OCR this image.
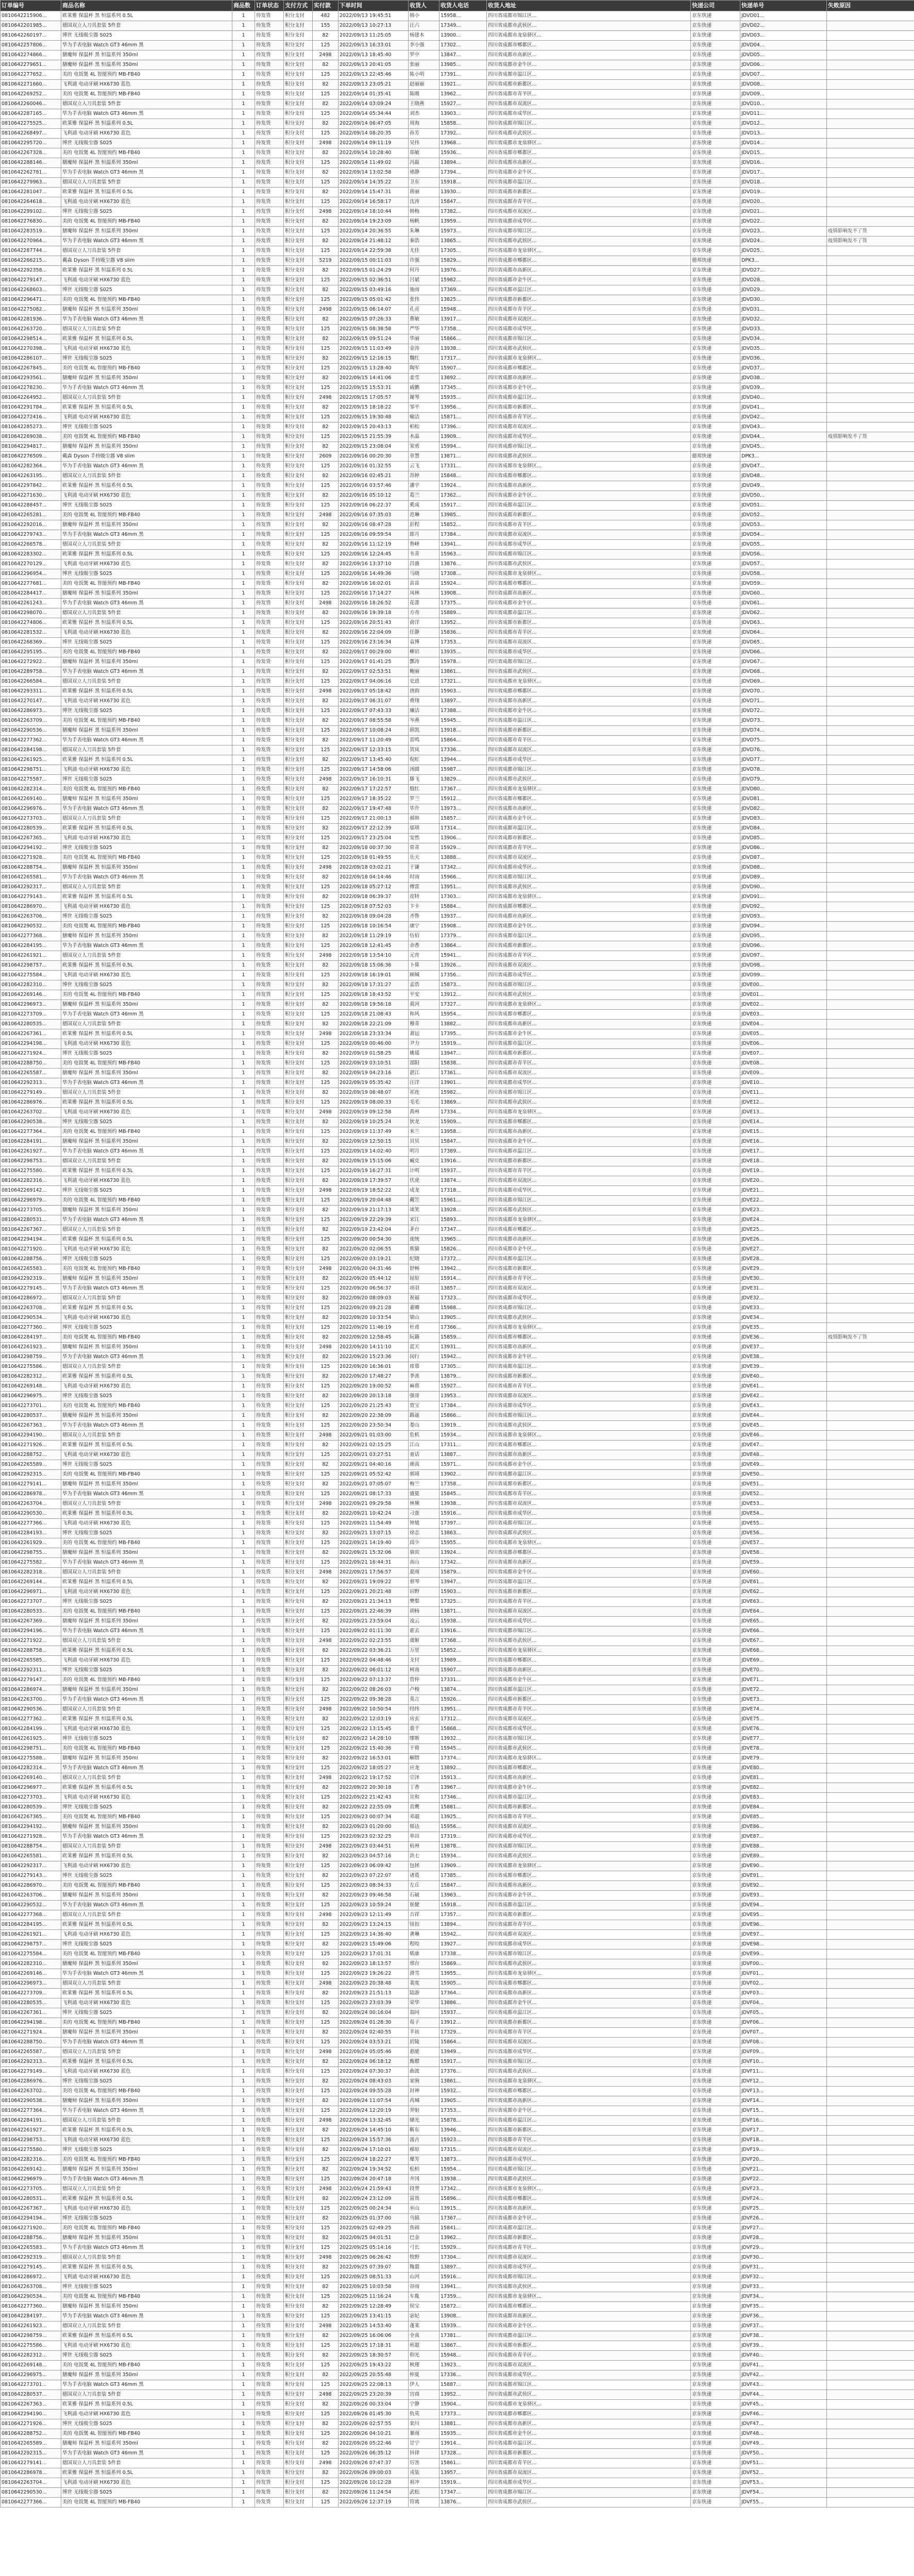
订单编号	商品名称	商品数	订单状态	支付方式	实付款	下单时间	收货人	收货人电话	收货人地址	快递公司	快递单号	失败原因
0810642215906...	欧莱雅 保温杯 黑 恒温系列 0.5L	1	待发货	积分支付	482	2022/09/13 19:45:51	韩小	15958...	四川省成都市锦江区...	京东快递	JDVD01...	
0810642201985...	德国双立人刀具套装 5件套	1	待发货	积分支付	155	2022/09/13 10:27:13	汪六	17349...	四川省成都市武侯区...	京东快递	JDVD02...	
0810642260197...	博世 无线吸尘器 S025	1	待发货	积分支付	82	2022/09/13 11:25:05	杨建木	13900...	四川省成都市龙泉驿区...	京东快递	JDVD03...	
0810642257806...	华为手表电脑 Watch GT3 46mm 黑	1	待发货	积分支付	125	2022/09/13 16:33:01	李小强	17302...	四川省成都市郫都区...	京东快递	JDVD04...	
0810642274866...	膳魔师 保温杯 黑 恒温系列 350ml	1	待发货	积分支付	2498	2022/09/13 18:45:40	罗中	13847...	四川省成都市高新区...	京东快递	JDVD05...	
0810642279651...	膳魔师 保温杯 黑 恒温系列 350ml	1	待发货	积分支付	82	2022/09/13 20:41:05	张丽	13985...	四川省成都市金牛区...	京东快递	JDVD06...	
0810642277652...	美的 电饭煲 4L 智能预约 MB-FB40	1	待发货	积分支付	125	2022/09/13 22:45:46	陈小明	17391...	四川省成都市温江区...	京东快递	JDVD07...	
0810642271660...	飞利浦 电动牙刷 HX6730 蓝色	1	待发货	积分支付	82	2022/09/13 23:05:21	赵丽丽	13921...	四川省成都市新都区...	京东快递	JDVD08...	
0810642269252...	美的 电饭煲 4L 智能预约 MB-FB40	1	待发货	积分支付	125	2022/09/14 01:35:41	陈刚	13962...	四川省成都市青羊区...	京东快递	JDVD09...	
0810642260046...	德国双立人刀具套装 5件套	1	待发货	积分支付	82	2022/09/14 03:09:24	王晓燕	15927...	四川省成都市双流区...	京东快递	JDVD10...	
0810642287165...	华为手表电脑 Watch GT3 46mm 黑	1	待发货	积分支付	125	2022/09/14 05:34:44	刘杰	13903...	四川省成都市成华区...	京东快递	JDVD11...	
0810642275525...	欧莱雅 保温杯 黑 恒温系列 0.5L	1	待发货	积分支付	82	2022/09/14 06:47:05	周海	15858...	四川省成都市锦江区...	京东快递	JDVD12...	
0810642268497...	飞利浦 电动牙刷 HX6730 蓝色	1	待发货	积分支付	125	2022/09/14 08:20:35	孙芳	17392...	四川省成都市武侯区...	京东快递	JDVD13...	
0810642295720...	博世 无线吸尘器 S025	1	待发货	积分支付	2498	2022/09/14 09:11:19	吴伟	13968...	四川省成都市龙泉驿区...	京东快递	JDVD14...	
0810642267328...	美的 电饭煲 4L 智能预约 MB-FB40	1	待发货	积分支付	82	2022/09/14 10:28:40	郑敏	15936...	四川省成都市郫都区...	京东快递	JDVD15...	
0810642288146...	膳魔师 保温杯 黑 恒温系列 350ml	1	待发货	积分支付	125	2022/09/14 11:49:02	冯磊	13894...	四川省成都市高新区...	京东快递	JDVD16...	
0810642262781...	华为手表电脑 Watch GT3 46mm 黑	1	待发货	积分支付	82	2022/09/14 13:02:58	褚静	17394...	四川省成都市金牛区...	京东快递	JDVD17...	
0810642279963...	德国双立人刀具套装 5件套	1	待发货	积分支付	125	2022/09/14 14:35:22	卫东	15918...	四川省成都市温江区...	京东快递	JDVD18...	
0810642281047...	欧莱雅 保温杯 黑 恒温系列 0.5L	1	待发货	积分支付	82	2022/09/14 15:47:31	蒋丽	13930...	四川省成都市新都区...	京东快递	JDVD19...	
0810642264618...	飞利浦 电动牙刷 HX6730 蓝色	1	待发货	积分支付	125	2022/09/14 16:58:17	沈涛	15847...	四川省成都市青羊区...	京东快递	JDVD20...	
0810642299102...	博世 无线吸尘器 S025	1	待发货	积分支付	2498	2022/09/14 18:10:44	韩梅	17382...	四川省成都市双流区...	京东快递	JDVD21...	
0810642276830...	美的 电饭煲 4L 智能预约 MB-FB40	1	待发货	积分支付	82	2022/09/14 19:23:09	杨帆	13959...	四川省成都市成华区...	京东快递	JDVD22...	
0810642283519...	膳魔师 保温杯 黑 恒温系列 350ml	1	待发货	积分支付	125	2022/09/14 20:36:55	朱琳	15973...	四川省成都市锦江区...	京东快递	JDVD23...	疫情影响发不了货
0810642270964...	华为手表电脑 Watch GT3 46mm 黑	1	待发货	积分支付	82	2022/09/14 21:48:12	秦浩	13865...	四川省成都市武侯区...	京东快递	JDVD24...	疫情影响发不了货
0810642287744...	德国双立人刀具套装 5件套	1	待发货	积分支付	125	2022/09/14 22:59:38	尤佳	17305...	四川省成都市龙泉驿区...	京东快递	JDVD25...	
0810642266215...	戴森 Dyson 手持吸尘器 V8 slim	1	待发货	积分支付	5219	2022/09/15 00:11:03	许强	15829...	四川省成都市郫都区...	德邦快递	DPK3...	
0810642292358...	欧莱雅 保温杯 黑 恒温系列 0.5L	1	待发货	积分支付	82	2022/09/15 01:24:29	何丹	13976...	四川省成都市高新区...	京东快递	JDVD27...	
0810642279147...	飞利浦 电动牙刷 HX6730 蓝色	1	待发货	积分支付	125	2022/09/15 02:36:51	吕斌	15982...	四川省成都市金牛区...	京东快递	JDVD28...	
0810642268603...	博世 无线吸尘器 S025	1	待发货	积分支付	82	2022/09/15 03:49:16	施雨	17369...	四川省成都市温江区...	京东快递	JDVD29...	
0810642296471...	美的 电饭煲 4L 智能预约 MB-FB40	1	待发货	积分支付	125	2022/09/15 05:01:42	张伟	13825...	四川省成都市新都区...	京东快递	JDVD30...	
0810642275082...	膳魔师 保温杯 黑 恒温系列 350ml	1	待发货	积分支付	2498	2022/09/15 06:14:07	孔亮	15948...	四川省成都市青羊区...	京东快递	JDVD31...	
0810642281936...	华为手表电脑 Watch GT3 46mm 黑	1	待发货	积分支付	82	2022/09/15 07:26:33	曹敏	13917...	四川省成都市双流区...	京东快递	JDVD32...	
0810642263720...	德国双立人刀具套装 5件套	1	待发货	积分支付	125	2022/09/15 08:38:58	严华	17358...	四川省成都市成华区...	京东快递	JDVD33...	
0810642298514...	欧莱雅 保温杯 黑 恒温系列 0.5L	1	待发货	积分支付	82	2022/09/15 09:51:24	华丽	15866...	四川省成都市锦江区...	京东快递	JDVD34...	
0810642270398...	飞利浦 电动牙刷 HX6730 蓝色	1	待发货	积分支付	125	2022/09/15 11:03:49	金涛	13938...	四川省成都市武侯区...	京东快递	JDVD35...	
0810642286107...	博世 无线吸尘器 S025	1	待发货	积分支付	82	2022/09/15 12:16:15	魏红	17317...	四川省成都市龙泉驿区...	京东快递	JDVD36...	
0810642267845...	美的 电饭煲 4L 智能预约 MB-FB40	1	待发货	积分支付	125	2022/09/15 13:28:40	陶军	15907...	四川省成都市郫都区...	京东快递	JDVD37...	
0810642293561...	膳魔师 保温杯 黑 恒温系列 350ml	1	待发货	积分支付	82	2022/09/15 14:41:06	姜雪	13892...	四川省成都市高新区...	京东快递	JDVD38...	
0810642278230...	华为手表电脑 Watch GT3 46mm 黑	1	待发货	积分支付	125	2022/09/15 15:53:31	戚鹏	17345...	四川省成都市金牛区...	京东快递	JDVD39...	
0810642264952...	德国双立人刀具套装 5件套	1	待发货	积分支付	2498	2022/09/15 17:05:57	谢琴	15935...	四川省成都市温江区...	京东快递	JDVD40...	
0810642291784...	欧莱雅 保温杯 黑 恒温系列 0.5L	1	待发货	积分支付	82	2022/09/15 18:18:22	邹平	13956...	四川省成都市新都区...	京东快递	JDVD41...	
0810642272416...	飞利浦 电动牙刷 HX6730 蓝色	1	待发货	积分支付	125	2022/09/15 19:30:48	喻洁	15871...	四川省成都市青羊区...	京东快递	JDVD42...	
0810642285273...	博世 无线吸尘器 S025	1	待发货	积分支付	82	2022/09/15 20:43:13	柏松	17396...	四川省成都市双流区...	京东快递	JDVD43...	
0810642269038...	美的 电饭煲 4L 智能预约 MB-FB40	1	待发货	积分支付	125	2022/09/15 21:55:39	水晶	13909...	四川省成都市成华区...	京东快递	JDVD44...	疫情影响发不了货
0810642294817...	膳魔师 保温杯 黑 恒温系列 350ml	1	待发货	积分支付	82	2022/09/15 23:08:04	窦勇	15994...	四川省成都市锦江区...	京东快递	JDVD45...	
0810642276509...	戴森 Dyson 手持吸尘器 V8 slim	1	待发货	积分支付	2609	2022/09/16 00:20:30	章慧	13871...	四川省成都市武侯区...	德邦快递	DPK3...	
0810642282364...	华为手表电脑 Watch GT3 46mm 黑	1	待发货	积分支付	125	2022/09/16 01:32:55	云飞	17331...	四川省成都市龙泉驿区...	京东快递	JDVD47...	
0810642263195...	德国双立人刀具套装 5件套	1	待发货	积分支付	82	2022/09/16 02:45:21	苏婷	15848...	四川省成都市郫都区...	京东快递	JDVD48...	
0810642297842...	欧莱雅 保温杯 黑 恒温系列 0.5L	1	待发货	积分支付	125	2022/09/16 03:57:46	潘宇	13924...	四川省成都市高新区...	京东快递	JDVD49...	
0810642271630...	飞利浦 电动牙刷 HX6730 蓝色	1	待发货	积分支付	82	2022/09/16 05:10:12	葛兰	17362...	四川省成都市金牛区...	京东快递	JDVD50...	
0810642288457...	博世 无线吸尘器 S025	1	待发货	积分支付	125	2022/09/16 06:22:37	奚成	15917...	四川省成都市温江区...	京东快递	JDVD51...	
0810642265281...	美的 电饭煲 4L 智能预约 MB-FB40	1	待发货	积分支付	2498	2022/09/16 07:35:03	范琳	13985...	四川省成都市新都区...	京东快递	JDVD52...	
0810642292016...	膳魔师 保温杯 黑 恒温系列 350ml	1	待发货	积分支付	82	2022/09/16 08:47:28	彭程	15852...	四川省成都市青羊区...	京东快递	JDVD53...	
0810642279743...	华为手表电脑 Watch GT3 46mm 黑	1	待发货	积分支付	125	2022/09/16 09:59:54	郎月	17384...	四川省成都市双流区...	京东快递	JDVD54...	
0810642266578...	德国双立人刀具套装 5件套	1	待发货	积分支付	82	2022/09/16 11:12:19	鲁峰	13941...	四川省成都市成华区...	京东快递	JDVD55...	
0810642283302...	欧莱雅 保温杯 黑 恒温系列 0.5L	1	待发货	积分支付	125	2022/09/16 12:24:45	韦青	15963...	四川省成都市锦江区...	京东快递	JDVD56...	
0810642270129...	飞利浦 电动牙刷 HX6730 蓝色	1	待发货	积分支付	82	2022/09/16 13:37:10	昌盛	13876...	四川省成都市武侯区...	京东快递	JDVD57...	
0810642296954...	博世 无线吸尘器 S025	1	待发货	积分支付	125	2022/09/16 14:49:36	马晓	17308...	四川省成都市龙泉驿区...	京东快递	JDVD58...	
0810642277681...	美的 电饭煲 4L 智能预约 MB-FB40	1	待发货	积分支付	82	2022/09/16 16:02:01	苗苗	15924...	四川省成都市郫都区...	京东快递	JDVD59...	
0810642284417...	膳魔师 保温杯 黑 恒温系列 350ml	1	待发货	积分支付	125	2022/09/16 17:14:27	凤林	13908...	四川省成都市高新区...	京东快递	JDVD60...	
0810642261243...	华为手表电脑 Watch GT3 46mm 黑	1	待发货	积分支付	2498	2022/09/16 18:26:52	花蕾	17375...	四川省成都市金牛区...	京东快递	JDVD61...	
0810642298070...	德国双立人刀具套装 5件套	1	待发货	积分支付	82	2022/09/16 19:39:18	方舟	15889...	四川省成都市温江区...	京东快递	JDVD62...	
0810642274806...	欧莱雅 保温杯 黑 恒温系列 0.5L	1	待发货	积分支付	125	2022/09/16 20:51:43	俞洋	13952...	四川省成都市新都区...	京东快递	JDVD63...	
0810642281532...	飞利浦 电动牙刷 HX6730 蓝色	1	待发货	积分支付	82	2022/09/16 22:04:09	任静	15836...	四川省成都市青羊区...	京东快递	JDVD64...	
0810642268369...	博世 无线吸尘器 S025	1	待发货	积分支付	125	2022/09/16 23:16:34	袁博	17353...	四川省成都市双流区...	京东快递	JDVD65...	
0810642295195...	美的 电饭煲 4L 智能预约 MB-FB40	1	待发货	积分支付	82	2022/09/17 00:29:00	柳岩	13935...	四川省成都市成华区...	京东快递	JDVD66...	
0810642272922...	膳魔师 保温杯 黑 恒温系列 350ml	1	待发货	积分支付	125	2022/09/17 01:41:25	酆涛	15978...	四川省成都市锦江区...	京东快递	JDVD67...	
0810642289758...	华为手表电脑 Watch GT3 46mm 黑	1	待发货	积分支付	82	2022/09/17 02:53:51	鲍丽	13861...	四川省成都市武侯区...	京东快递	JDVD68...	
0810642266584...	德国双立人刀具套装 5件套	1	待发货	积分支付	125	2022/09/17 04:06:16	史进	17321...	四川省成都市龙泉驿区...	京东快递	JDVD69...	
0810642293311...	欧莱雅 保温杯 黑 恒温系列 0.5L	1	待发货	积分支付	2498	2022/09/17 05:18:42	唐韵	15903...	四川省成都市郫都区...	京东快递	JDVD70...	
0810642270147...	飞利浦 电动牙刷 HX6730 蓝色	1	待发货	积分支付	82	2022/09/17 06:31:07	费翔	13897...	四川省成都市高新区...	京东快递	JDVD71...	
0810642286973...	博世 无线吸尘器 S025	1	待发货	积分支付	125	2022/09/17 07:43:33	廉洁	17388...	四川省成都市金牛区...	京东快递	JDVD72...	
0810642263709...	美的 电饭煲 4L 智能预约 MB-FB40	1	待发货	积分支付	82	2022/09/17 08:55:58	岑燕	15945...	四川省成都市温江区...	京东快递	JDVD73...	
0810642290536...	膳魔师 保温杯 黑 恒温系列 350ml	1	待发货	积分支付	125	2022/09/17 10:08:24	薛凯	13918...	四川省成都市新都区...	京东快递	JDVD74...	
0810642277362...	华为手表电脑 Watch GT3 46mm 黑	1	待发货	积分支付	82	2022/09/17 11:20:49	雷鸣	15864...	四川省成都市青羊区...	京东快递	JDVD75...	
0810642284198...	德国双立人刀具套装 5件套	1	待发货	积分支付	125	2022/09/17 12:33:15	贺岚	17336...	四川省成都市双流区...	京东快递	JDVD76...	
0810642261925...	欧莱雅 保温杯 黑 恒温系列 0.5L	1	待发货	积分支付	82	2022/09/17 13:45:40	倪虹	13944...	四川省成都市成华区...	京东快递	JDVD77...	
0810642298751...	飞利浦 电动牙刷 HX6730 蓝色	1	待发货	积分支付	125	2022/09/17 14:58:06	汤圆	15987...	四川省成都市锦江区...	京东快递	JDVD78...	
0810642275587...	博世 无线吸尘器 S025	1	待发货	积分支付	2498	2022/09/17 16:10:31	滕飞	13829...	四川省成都市武侯区...	京东快递	JDVD79...	
0810642282314...	美的 电饭煲 4L 智能预约 MB-FB40	1	待发货	积分支付	82	2022/09/17 17:22:57	殷红	17367...	四川省成都市龙泉驿区...	京东快递	JDVD80...	
0810642269140...	膳魔师 保温杯 黑 恒温系列 350ml	1	待发货	积分支付	125	2022/09/17 18:35:22	罗兰	15912...	四川省成都市郫都区...	京东快递	JDVD81...	
0810642296976...	华为手表电脑 Watch GT3 46mm 黑	1	待发货	积分支付	82	2022/09/17 19:47:48	毕升	13973...	四川省成都市高新区...	京东快递	JDVD82...	
0810642273703...	德国双立人刀具套装 5件套	1	待发货	积分支付	125	2022/09/17 21:00:13	郝帅	15857...	四川省成都市金牛区...	京东快递	JDVD83...	
0810642280539...	欧莱雅 保温杯 黑 恒温系列 0.5L	1	待发货	积分支付	82	2022/09/17 22:12:39	邬琪	17314...	四川省成都市温江区...	京东快递	JDVD84...	
0810642267365...	飞利浦 电动牙刷 HX6730 蓝色	1	待发货	积分支付	125	2022/09/17 23:25:04	安然	13906...	四川省成都市新都区...	京东快递	JDVD85...	
0810642294192...	博世 无线吸尘器 S025	1	待发货	积分支付	82	2022/09/18 00:37:30	常青	15929...	四川省成都市青羊区...	京东快递	JDVD86...	
0810642271928...	美的 电饭煲 4L 智能预约 MB-FB40	1	待发货	积分支付	125	2022/09/18 01:49:55	乐天	13888...	四川省成都市双流区...	京东快递	JDVD87...	
0810642288754...	膳魔师 保温杯 黑 恒温系列 350ml	1	待发货	积分支付	2498	2022/09/18 03:02:21	于谦	17342...	四川省成都市成华区...	京东快递	JDVD88...	
0810642265581...	华为手表电脑 Watch GT3 46mm 黑	1	待发货	积分支付	82	2022/09/18 04:14:46	时雨	15966...	四川省成都市锦江区...	京东快递	JDVD89...	
0810642292317...	德国双立人刀具套装 5件套	1	待发货	积分支付	125	2022/09/18 05:27:12	傅雷	13951...	四川省成都市武侯区...	京东快递	JDVD90...	
0810642279143...	欧莱雅 保温杯 黑 恒温系列 0.5L	1	待发货	积分支付	82	2022/09/18 06:39:37	皮特	17303...	四川省成都市龙泉驿区...	京东快递	JDVD91...	
0810642286970...	飞利浦 电动牙刷 HX6730 蓝色	1	待发货	积分支付	125	2022/09/18 07:52:03	卞卡	15884...	四川省成都市郫都区...	京东快递	JDVD92...	
0810642263706...	博世 无线吸尘器 S025	1	待发货	积分支付	82	2022/09/18 09:04:28	齐鲁	13937...	四川省成都市高新区...	京东快递	JDVD93...	
0810642290532...	美的 电饭煲 4L 智能预约 MB-FB40	1	待发货	积分支付	125	2022/09/18 10:16:54	康宁	15908...	四川省成都市金牛区...	京东快递	JDVD94...	
0810642277368...	膳魔师 保温杯 黑 恒温系列 350ml	1	待发货	积分支付	82	2022/09/18 11:29:19	伍佰	17379...	四川省成都市温江区...	京东快递	JDVD95...	
0810642284195...	华为手表电脑 Watch GT3 46mm 黑	1	待发货	积分支付	125	2022/09/18 12:41:45	余香	13864...	四川省成都市新都区...	京东快递	JDVD96...	
0810642261921...	德国双立人刀具套装 5件套	1	待发货	积分支付	2498	2022/09/18 13:54:10	元宵	15941...	四川省成都市青羊区...	京东快递	JDVD97...	
0810642298757...	欧莱雅 保温杯 黑 恒温系列 0.5L	1	待发货	积分支付	82	2022/09/18 15:06:36	卜算	13926...	四川省成都市双流区...	京东快递	JDVD98...	
0810642275584...	飞利浦 电动牙刷 HX6730 蓝色	1	待发货	积分支付	125	2022/09/18 16:19:01	顾城	17356...	四川省成都市成华区...	京东快递	JDVD99...	
0810642282310...	博世 无线吸尘器 S025	1	待发货	积分支付	82	2022/09/18 17:31:27	孟浩	15873...	四川省成都市锦江区...	京东快递	JDVE00...	
0810642269146...	美的 电饭煲 4L 智能预约 MB-FB40	1	待发货	积分支付	125	2022/09/18 18:43:52	平安	13912...	四川省成都市武侯区...	京东快递	JDVE01...	
0810642296973...	膳魔师 保温杯 黑 恒温系列 350ml	1	待发货	积分支付	82	2022/09/18 19:56:18	黄河	17327...	四川省成都市龙泉驿区...	京东快递	JDVE02...	
0810642273709...	华为手表电脑 Watch GT3 46mm 黑	1	待发货	积分支付	125	2022/09/18 21:08:43	和风	15954...	四川省成都市郫都区...	京东快递	JDVE03...	
0810642280535...	德国双立人刀具套装 5件套	1	待发货	积分支付	82	2022/09/18 22:21:09	穆青	13882...	四川省成都市高新区...	京东快递	JDVE04...	
0810642267361...	欧莱雅 保温杯 黑 恒温系列 0.5L	1	待发货	积分支付	2498	2022/09/18 23:33:34	萧远	17395...	四川省成都市金牛区...	京东快递	JDVE05...	
0810642294198...	飞利浦 电动牙刷 HX6730 蓝色	1	待发货	积分支付	125	2022/09/19 00:46:00	尹力	15919...	四川省成都市温江区...	京东快递	JDVE06...	
0810642271924...	博世 无线吸尘器 S025	1	待发货	积分支付	82	2022/09/19 01:58:25	姚瑶	13947...	四川省成都市新都区...	京东快递	JDVE07...	
0810642288750...	美的 电饭煲 4L 智能预约 MB-FB40	1	待发货	积分支付	125	2022/09/19 03:10:51	邵阳	15838...	四川省成都市青羊区...	京东快递	JDVE08...	
0810642265587...	膳魔师 保温杯 黑 恒温系列 350ml	1	待发货	积分支付	82	2022/09/19 04:23:16	湛江	17361...	四川省成都市双流区...	京东快递	JDVE09...	
0810642292313...	华为手表电脑 Watch GT3 46mm 黑	1	待发货	积分支付	125	2022/09/19 05:35:42	汪洋	13901...	四川省成都市成华区...	京东快递	JDVE10...	
0810642279149...	德国双立人刀具套装 5件套	1	待发货	积分支付	82	2022/09/19 06:48:07	祁连	15982...	四川省成都市锦江区...	京东快递	JDVE11...	
0810642286976...	欧莱雅 保温杯 黑 恒温系列 0.5L	1	待发货	积分支付	125	2022/09/19 08:00:33	毛毛	13869...	四川省成都市武侯区...	京东快递	JDVE12...	
0810642263702...	飞利浦 电动牙刷 HX6730 蓝色	1	待发货	积分支付	2498	2022/09/19 09:12:58	禹州	17334...	四川省成都市龙泉驿区...	京东快递	JDVE13...	
0810642290538...	博世 无线吸尘器 S025	1	待发货	积分支付	82	2022/09/19 10:25:24	狄龙	15909...	四川省成都市郫都区...	京东快递	JDVE14...	
0810642277364...	美的 电饭煲 4L 智能预约 MB-FB40	1	待发货	积分支付	125	2022/09/19 11:37:49	米兰	13958...	四川省成都市高新区...	京东快递	JDVE15...	
0810642284191...	膳魔师 保温杯 黑 恒温系列 350ml	1	待发货	积分支付	82	2022/09/19 12:50:15	贝贝	15847...	四川省成都市金牛区...	京东快递	JDVE16...	
0810642261927...	华为手表电脑 Watch GT3 46mm 黑	1	待发货	积分支付	125	2022/09/19 14:02:40	明月	17389...	四川省成都市温江区...	京东快递	JDVE17...	
0810642298753...	德国双立人刀具套装 5件套	1	待发货	积分支付	82	2022/09/19 15:15:06	臧克	13916...	四川省成都市新都区...	京东快递	JDVE18...	
0810642275580...	欧莱雅 保温杯 黑 恒温系列 0.5L	1	待发货	积分支付	125	2022/09/19 16:27:31	计明	15937...	四川省成都市青羊区...	京东快递	JDVE19...	
0810642282316...	飞利浦 电动牙刷 HX6730 蓝色	1	待发货	积分支付	82	2022/09/19 17:39:57	伏虎	13874...	四川省成都市双流区...	京东快递	JDVE20...	
0810642269142...	博世 无线吸尘器 S025	1	待发货	积分支付	2498	2022/09/19 18:52:22	成龙	17318...	四川省成都市成华区...	京东快递	JDVE21...	
0810642296979...	美的 电饭煲 4L 智能预约 MB-FB40	1	待发货	积分支付	125	2022/09/19 20:04:48	戴笠	15961...	四川省成都市锦江区...	京东快递	JDVE22...	
0810642273705...	膳魔师 保温杯 黑 恒温系列 350ml	1	待发货	积分支付	82	2022/09/19 21:17:13	谈笑	13928...	四川省成都市武侯区...	京东快递	JDVE23...	
0810642280531...	华为手表电脑 Watch GT3 46mm 黑	1	待发货	积分支付	125	2022/09/19 22:29:39	宋江	15893...	四川省成都市龙泉驿区...	京东快递	JDVE24...	
0810642267367...	德国双立人刀具套装 5件套	1	待发货	积分支付	82	2022/09/19 23:42:04	茅台	17347...	四川省成都市郫都区...	京东快递	JDVE25...	
0810642294194...	欧莱雅 保温杯 黑 恒温系列 0.5L	1	待发货	积分支付	125	2022/09/20 00:54:30	庞统	13965...	四川省成都市高新区...	京东快递	JDVE26...	
0810642271920...	飞利浦 电动牙刷 HX6730 蓝色	1	待发货	积分支付	82	2022/09/20 02:06:55	熊猫	15826...	四川省成都市金牛区...	京东快递	JDVE27...	
0810642288756...	博世 无线吸尘器 S025	1	待发货	积分支付	125	2022/09/20 03:19:21	纪晓	17372...	四川省成都市温江区...	京东快递	JDVE28...	
0810642265583...	美的 电饭煲 4L 智能预约 MB-FB40	1	待发货	积分支付	2498	2022/09/20 04:31:46	舒畅	13942...	四川省成都市新都区...	京东快递	JDVE29...	
0810642292319...	膳魔师 保温杯 黑 恒温系列 350ml	1	待发货	积分支付	82	2022/09/20 05:44:12	屈原	15914...	四川省成都市青羊区...	京东快递	JDVE30...	
0810642279145...	华为手表电脑 Watch GT3 46mm 黑	1	待发货	积分支付	125	2022/09/20 06:56:37	项羽	13857...	四川省成都市双流区...	京东快递	JDVE31...	
0810642286972...	德国双立人刀具套装 5件套	1	待发货	积分支付	82	2022/09/20 08:09:03	祝福	17323...	四川省成都市成华区...	京东快递	JDVE32...	
0810642263708...	欧莱雅 保温杯 黑 恒温系列 0.5L	1	待发货	积分支付	125	2022/09/20 09:21:28	董卿	15988...	四川省成都市锦江区...	京东快递	JDVE33...	
0810642290534...	飞利浦 电动牙刷 HX6730 蓝色	1	待发货	积分支付	82	2022/09/20 10:33:54	梁山	13905...	四川省成都市武侯区...	京东快递	JDVE34...	
0810642277360...	博世 无线吸尘器 S025	1	待发货	积分支付	125	2022/09/20 11:46:19	杜甫	17366...	四川省成都市龙泉驿区...	京东快递	JDVE35...	
0810642284197...	美的 电饭煲 4L 智能预约 MB-FB40	1	待发货	积分支付	82	2022/09/20 12:58:45	阮籍	15859...	四川省成都市郫都区...	京东快递	JDVE36...	疫情影响发不了货
0810642261923...	膳魔师 保温杯 黑 恒温系列 350ml	1	待发货	积分支付	2498	2022/09/20 14:11:10	蓝天	13931...	四川省成都市高新区...	京东快递	JDVE37...	
0810642298759...	华为手表电脑 Watch GT3 46mm 黑	1	待发货	积分支付	82	2022/09/20 15:23:36	闵行	15942...	四川省成都市金牛区...	京东快递	JDVE38...	
0810642275586...	德国双立人刀具套装 5件套	1	待发货	积分支付	125	2022/09/20 16:36:01	席慕	17305...	四川省成都市温江区...	京东快递	JDVE39...	
0810642282312...	欧莱雅 保温杯 黑 恒温系列 0.5L	1	待发货	积分支付	82	2022/09/20 17:48:27	季羡	13879...	四川省成都市新都区...	京东快递	JDVE40...	
0810642269148...	飞利浦 电动牙刷 HX6730 蓝色	1	待发货	积分支付	125	2022/09/20 19:00:52	麻将	15927...	四川省成都市青羊区...	京东快递	JDVE41...	
0810642296975...	博世 无线吸尘器 S025	1	待发货	积分支付	82	2022/09/20 20:13:18	强哥	13953...	四川省成都市双流区...	京东快递	JDVE42...	
0810642273701...	美的 电饭煲 4L 智能预约 MB-FB40	1	待发货	积分支付	125	2022/09/20 21:25:43	贾宝	17384...	四川省成都市成华区...	京东快递	JDVE43...	
0810642280537...	膳魔师 保温杯 黑 恒温系列 350ml	1	待发货	积分支付	82	2022/09/20 22:38:09	路遥	15866...	四川省成都市锦江区...	京东快递	JDVE44...	
0810642267363...	华为手表电脑 Watch GT3 46mm 黑	1	待发货	积分支付	125	2022/09/20 23:50:34	娄山	13919...	四川省成都市武侯区...	京东快递	JDVE45...	
0810642294190...	德国双立人刀具套装 5件套	1	待发货	积分支付	2498	2022/09/21 01:03:00	危机	15934...	四川省成都市龙泉驿区...	京东快递	JDVE46...	
0810642271926...	欧莱雅 保温杯 黑 恒温系列 0.5L	1	待发货	积分支付	82	2022/09/21 02:15:25	江山	17311...	四川省成都市郫都区...	京东快递	JDVE47...	
0810642288752...	飞利浦 电动牙刷 HX6730 蓝色	1	待发货	积分支付	125	2022/09/21 03:27:51	童话	13887...	四川省成都市高新区...	京东快递	JDVE48...	
0810642265589...	博世 无线吸尘器 S025	1	待发货	积分支付	82	2022/09/21 04:40:16	颜真	15971...	四川省成都市金牛区...	京东快递	JDVE49...	
0810642292315...	美的 电饭煲 4L 智能预约 MB-FB40	1	待发货	积分支付	125	2022/09/21 05:52:42	郭靖	13902...	四川省成都市温江区...	京东快递	JDVE50...	
0810642279141...	膳魔师 保温杯 黑 恒温系列 350ml	1	待发货	积分支付	82	2022/09/21 07:05:07	梅兰	17358...	四川省成都市新都区...	京东快递	JDVE51...	
0810642286978...	华为手表电脑 Watch GT3 46mm 黑	1	待发货	积分支付	125	2022/09/21 08:17:33	盛夏	15845...	四川省成都市青羊区...	京东快递	JDVE52...	
0810642263704...	德国双立人刀具套装 5件套	1	待发货	积分支付	2498	2022/09/21 09:29:58	林黛	13938...	四川省成都市双流区...	京东快递	JDVE53...	
0810642290530...	欧莱雅 保温杯 黑 恒温系列 0.5L	1	待发货	积分支付	82	2022/09/21 10:42:24	刁蛮	15916...	四川省成都市成华区...	京东快递	JDVE54...	
0810642277366...	飞利浦 电动牙刷 HX6730 蓝色	1	待发货	积分支付	125	2022/09/21 11:54:49	钟馗	17397...	四川省成都市锦江区...	京东快递	JDVE55...	
0810642284193...	博世 无线吸尘器 S025	1	待发货	积分支付	82	2022/09/21 13:07:15	徐志	13863...	四川省成都市武侯区...	京东快递	JDVE56...	
0810642261929...	美的 电饭煲 4L 智能预约 MB-FB40	1	待发货	积分支付	125	2022/09/21 14:19:40	邱少	15955...	四川省成都市龙泉驿区...	京东快递	JDVE57...	
0810642298755...	膳魔师 保温杯 黑 恒温系列 350ml	1	待发货	积分支付	82	2022/09/21 15:32:06	骆宾	13924...	四川省成都市郫都区...	京东快递	JDVE58...	
0810642275582...	华为手表电脑 Watch GT3 46mm 黑	1	待发货	积分支付	125	2022/09/21 16:44:31	高山	17342...	四川省成都市高新区...	京东快递	JDVE59...	
0810642282318...	德国双立人刀具套装 5件套	1	待发货	积分支付	2498	2022/09/21 17:56:57	夏雨	15879...	四川省成都市金牛区...	京东快递	JDVE60...	
0810642269144...	欧莱雅 保温杯 黑 恒温系列 0.5L	1	待发货	积分支付	82	2022/09/21 19:09:22	蔡琴	13947...	四川省成都市温江区...	京东快递	JDVE61...	
0810642296971...	飞利浦 电动牙刷 HX6730 蓝色	1	待发货	积分支付	125	2022/09/21 20:21:48	田野	15903...	四川省成都市新都区...	京东快递	JDVE62...	
0810642273707...	博世 无线吸尘器 S025	1	待发货	积分支付	82	2022/09/21 21:34:13	樊梨	17325...	四川省成都市青羊区...	京东快递	JDVE63...	
0810642280533...	美的 电饭煲 4L 智能预约 MB-FB40	1	待发货	积分支付	125	2022/09/21 22:46:39	胡杨	13871...	四川省成都市双流区...	京东快递	JDVE64...	
0810642267369...	膳魔师 保温杯 黑 恒温系列 350ml	1	待发货	积分支付	82	2022/09/21 23:59:04	凌云	15938...	四川省成都市成华区...	京东快递	JDVE65...	
0810642294196...	华为手表电脑 Watch GT3 46mm 黑	1	待发货	积分支付	125	2022/09/22 01:11:30	霍去	13916...	四川省成都市锦江区...	京东快递	JDVE66...	
0810642271922...	德国双立人刀具套装 5件套	1	待发货	积分支付	2498	2022/09/22 02:23:55	虞姬	17368...	四川省成都市武侯区...	京东快递	JDVE67...	
0810642288758...	欧莱雅 保温杯 黑 恒温系列 0.5L	1	待发货	积分支付	82	2022/09/22 03:36:21	万里	15852...	四川省成都市龙泉驿区...	京东快递	JDVE68...	
0810642265585...	飞利浦 电动牙刷 HX6730 蓝色	1	待发货	积分支付	125	2022/09/22 04:48:46	支付	13989...	四川省成都市郫都区...	京东快递	JDVE69...	
0810642292311...	博世 无线吸尘器 S025	1	待发货	积分支付	82	2022/09/22 06:01:12	柯南	15907...	四川省成都市高新区...	京东快递	JDVE70...	
0810642279147...	美的 电饭煲 4L 智能预约 MB-FB40	1	待发货	积分支付	125	2022/09/22 07:13:37	管仲	17331...	四川省成都市金牛区...	京东快递	JDVE71...	
0810642286974...	膳魔师 保温杯 黑 恒温系列 350ml	1	待发货	积分支付	82	2022/09/22 08:26:03	卢梭	13874...	四川省成都市温江区...	京东快递	JDVE72...	
0810642263700...	华为手表电脑 Watch GT3 46mm 黑	1	待发货	积分支付	125	2022/09/22 09:38:28	莫言	15926...	四川省成都市新都区...	京东快递	JDVE73...	
0810642290536...	德国双立人刀具套装 5件套	1	待发货	积分支付	2498	2022/09/22 10:50:54	经纬	13951...	四川省成都市青羊区...	京东快递	JDVE74...	
0810642277362...	欧莱雅 保温杯 黑 恒温系列 0.5L	1	待发货	积分支付	82	2022/09/22 12:03:19	房玄	17312...	四川省成都市双流区...	京东快递	JDVE75...	
0810642284199...	飞利浦 电动牙刷 HX6730 蓝色	1	待发货	积分支付	125	2022/09/22 13:15:45	裘千	15868...	四川省成都市成华区...	京东快递	JDVE76...	
0810642261925...	博世 无线吸尘器 S025	1	待发货	积分支付	82	2022/09/22 14:28:10	缪斯	13932...	四川省成都市锦江区...	京东快递	JDVE77...	
0810642298751...	美的 电饭煲 4L 智能预约 MB-FB40	1	待发货	积分支付	125	2022/09/22 15:40:36	干将	15945...	四川省成都市武侯区...	京东快递	JDVE78...	
0810642275588...	膳魔师 保温杯 黑 恒温系列 350ml	1	待发货	积分支付	82	2022/09/22 16:53:01	解缙	17374...	四川省成都市龙泉驿区...	京东快递	JDVE79...	
0810642282314...	华为手表电脑 Watch GT3 46mm 黑	1	待发货	积分支付	125	2022/09/22 18:05:27	应龙	13892...	四川省成都市郫都区...	京东快递	JDVE80...	
0810642269140...	德国双立人刀具套装 5件套	1	待发货	积分支付	2498	2022/09/22 19:17:52	宗泽	15913...	四川省成都市高新区...	京东快递	JDVE81...	
0810642296977...	欧莱雅 保温杯 黑 恒温系列 0.5L	1	待发货	积分支付	82	2022/09/22 20:30:18	丁香	13967...	四川省成都市金牛区...	京东快递	JDVE82...	
0810642273703...	飞利浦 电动牙刷 HX6730 蓝色	1	待发货	积分支付	125	2022/09/22 21:42:43	宣和	17346...	四川省成都市温江区...	京东快递	JDVE83...	
0810642280539...	博世 无线吸尘器 S025	1	待发货	积分支付	82	2022/09/22 22:55:09	贲鹰	15881...	四川省成都市新都区...	京东快递	JDVE84...	
0810642267365...	美的 电饭煲 4L 智能预约 MB-FB40	1	待发货	积分支付	125	2022/09/23 00:07:34	邓超	13925...	四川省成都市青羊区...	京东快递	JDVE85...	
0810642294192...	膳魔师 保温杯 黑 恒温系列 350ml	1	待发货	积分支付	82	2022/09/23 01:20:00	郁达	15956...	四川省成都市双流区...	京东快递	JDVE86...	
0810642271928...	华为手表电脑 Watch GT3 46mm 黑	1	待发货	积分支付	125	2022/09/23 02:32:25	单田	17319...	四川省成都市成华区...	京东快递	JDVE87...	
0810642288754...	德国双立人刀具套装 5件套	1	待发货	积分支付	2498	2022/09/23 03:44:51	杭州	13878...	四川省成都市锦江区...	京东快递	JDVE88...	
0810642265581...	欧莱雅 保温杯 黑 恒温系列 0.5L	1	待发货	积分支付	82	2022/09/23 04:57:16	洪七	15934...	四川省成都市武侯区...	京东快递	JDVE89...	
0810642292317...	飞利浦 电动牙刷 HX6730 蓝色	1	待发货	积分支付	125	2022/09/23 06:09:42	包拯	13909...	四川省成都市龙泉驿区...	京东快递	JDVE90...	
0810642279143...	博世 无线吸尘器 S025	1	待发货	积分支付	82	2022/09/23 07:22:07	诸葛	17385...	四川省成都市郫都区...	京东快递	JDVE91...	
0810642286970...	美的 电饭煲 4L 智能预约 MB-FB40	1	待发货	积分支付	125	2022/09/23 08:34:33	左丘	15847...	四川省成都市高新区...	京东快递	JDVE92...	
0810642263706...	膳魔师 保温杯 黑 恒温系列 350ml	1	待发货	积分支付	82	2022/09/23 09:46:58	石破	13963...	四川省成都市金牛区...	京东快递	JDVE93...	
0810642290532...	华为手表电脑 Watch GT3 46mm 黑	1	待发货	积分支付	125	2022/09/23 10:59:24	崔健	15918...	四川省成都市温江区...	京东快递	JDVE94...	
0810642277368...	德国双立人刀具套装 5件套	1	待发货	积分支付	2498	2022/09/23 12:11:49	吉祥	17357...	四川省成都市新都区...	京东快递	JDVE95...	
0810642284195...	欧莱雅 保温杯 黑 恒温系列 0.5L	1	待发货	积分支付	82	2022/09/23 13:24:15	钮扣	13894...	四川省成都市青羊区...	京东快递	JDVE96...	
0810642261921...	飞利浦 电动牙刷 HX6730 蓝色	1	待发货	积分支付	125	2022/09/23 14:36:40	龚琳	15942...	四川省成都市双流区...	京东快递	JDVE97...	
0810642298757...	博世 无线吸尘器 S025	1	待发货	积分支付	82	2022/09/23 15:49:06	程咬	13927...	四川省成都市成华区...	京东快递	JDVE98...	
0810642275584...	美的 电饭煲 4L 智能预约 MB-FB40	1	待发货	积分支付	125	2022/09/23 17:01:31	嵇康	17338...	四川省成都市锦江区...	京东快递	JDVE99...	
0810642282310...	膳魔师 保温杯 黑 恒温系列 350ml	1	待发货	积分支付	82	2022/09/23 18:13:57	邢台	15869...	四川省成都市武侯区...	京东快递	JDVF00...	
0810642269146...	华为手表电脑 Watch GT3 46mm 黑	1	待发货	积分支付	125	2022/09/23 19:26:22	滑雪	13955...	四川省成都市龙泉驿区...	京东快递	JDVF01...	
0810642296973...	德国双立人刀具套装 5件套	1	待发货	积分支付	2498	2022/09/23 20:38:48	裴度	15905...	四川省成都市郫都区...	京东快递	JDVF02...	
0810642273709...	欧莱雅 保温杯 黑 恒温系列 0.5L	1	待发货	积分支付	82	2022/09/23 21:51:13	陆游	17364...	四川省成都市高新区...	京东快递	JDVF03...	
0810642280535...	飞利浦 电动牙刷 HX6730 蓝色	1	待发货	积分支付	125	2022/09/23 23:03:39	荣华	13886...	四川省成都市金牛区...	京东快递	JDVF04...	
0810642267361...	博世 无线吸尘器 S025	1	待发货	积分支付	82	2022/09/24 00:16:04	翁同	15937...	四川省成都市温江区...	京东快递	JDVF05...	
0810642294198...	美的 电饭煲 4L 智能预约 MB-FB40	1	待发货	积分支付	125	2022/09/24 01:28:30	荀子	13912...	四川省成都市新都区...	京东快递	JDVF06...	
0810642271924...	膳魔师 保温杯 黑 恒温系列 350ml	1	待发货	积分支付	82	2022/09/24 02:40:55	羊祜	17329...	四川省成都市青羊区...	京东快递	JDVF07...	
0810642288750...	华为手表电脑 Watch GT3 46mm 黑	1	待发货	积分支付	125	2022/09/24 03:53:21	於陵	15864...	四川省成都市双流区...	京东快递	JDVF08...	
0810642265587...	德国双立人刀具套装 5件套	1	待发货	积分支付	2498	2022/09/24 05:05:46	惠能	13949...	四川省成都市成华区...	京东快递	JDVF09...	
0810642292313...	欧莱雅 保温杯 黑 恒温系列 0.5L	1	待发货	积分支付	82	2022/09/24 06:18:12	甄嬛	15917...	四川省成都市锦江区...	京东快递	JDVF10...	
0810642279149...	飞利浦 电动牙刷 HX6730 蓝色	1	待发货	积分支付	125	2022/09/24 07:30:37	曲波	17376...	四川省成都市武侯区...	京东快递	JDVF11...	
0810642286976...	博世 无线吸尘器 S025	1	待发货	积分支付	82	2022/09/24 08:43:03	家驹	13861...	四川省成都市龙泉驿区...	京东快递	JDVF12...	
0810642263702...	美的 电饭煲 4L 智能预约 MB-FB40	1	待发货	积分支付	125	2022/09/24 09:55:28	封神	15932...	四川省成都市郫都区...	京东快递	JDVF13...	
0810642290538...	膳魔师 保温杯 黑 恒温系列 350ml	1	待发货	积分支付	82	2022/09/24 11:07:54	芮城	13905...	四川省成都市高新区...	京东快递	JDVF14...	
0810642277364...	华为手表电脑 Watch GT3 46mm 黑	1	待发货	积分支付	125	2022/09/24 12:20:19	羿射	17353...	四川省成都市金牛区...	京东快递	JDVF15...	
0810642284191...	德国双立人刀具套装 5件套	1	待发货	积分支付	2498	2022/09/24 13:32:45	储光	15878...	四川省成都市温江区...	京东快递	JDVF16...	
0810642261927...	欧莱雅 保温杯 黑 恒温系列 0.5L	1	待发货	积分支付	82	2022/09/24 14:45:10	靳东	13946...	四川省成都市新都区...	京东快递	JDVF17...	
0810642298753...	飞利浦 电动牙刷 HX6730 蓝色	1	待发货	积分支付	125	2022/09/24 15:57:36	汲古	15923...	四川省成都市青羊区...	京东快递	JDVF18...	
0810642275580...	博世 无线吸尘器 S025	1	待发货	积分支付	82	2022/09/24 17:10:01	邴原	17315...	四川省成都市双流区...	京东快递	JDVF19...	
0810642282316...	美的 电饭煲 4L 智能预约 MB-FB40	1	待发货	积分支付	125	2022/09/24 18:22:27	糜芳	13873...	四川省成都市成华区...	京东快递	JDVF20...	
0810642269142...	膳魔师 保温杯 黑 恒温系列 350ml	1	待发货	积分支付	82	2022/09/24 19:34:52	松柏	15954...	四川省成都市锦江区...	京东快递	JDVF21...	
0810642296979...	华为手表电脑 Watch GT3 46mm 黑	1	待发货	积分支付	125	2022/09/24 20:47:18	井冈	13938...	四川省成都市武侯区...	京东快递	JDVF22...	
0810642273705...	德国双立人刀具套装 5件套	1	待发货	积分支付	2498	2022/09/24 21:59:43	段誉	17342...	四川省成都市龙泉驿区...	京东快递	JDVF23...	
0810642280531...	欧莱雅 保温杯 黑 恒温系列 0.5L	1	待发货	积分支付	82	2022/09/24 23:12:09	富贵	15896...	四川省成都市郫都区...	京东快递	JDVF24...	
0810642267367...	飞利浦 电动牙刷 HX6730 蓝色	1	待发货	积分支付	125	2022/09/25 00:24:34	巫山	13915...	四川省成都市高新区...	京东快递	JDVF25...	
0810642294194...	博世 无线吸尘器 S025	1	待发货	积分支付	82	2022/09/25 01:37:00	乌镇	17367...	四川省成都市金牛区...	京东快递	JDVF26...	
0810642271920...	美的 电饭煲 4L 智能预约 MB-FB40	1	待发货	积分支付	125	2022/09/25 02:49:25	焦裕	15841...	四川省成都市温江区...	京东快递	JDVF27...	
0810642288756...	膳魔师 保温杯 黑 恒温系列 350ml	1	待发货	积分支付	82	2022/09/25 04:01:51	巴金	13962...	四川省成都市新都区...	京东快递	JDVF28...	
0810642265583...	华为手表电脑 Watch GT3 46mm 黑	1	待发货	积分支付	125	2022/09/25 05:14:16	弓长	15929...	四川省成都市青羊区...	京东快递	JDVF29...	
0810642292319...	德国双立人刀具套装 5件套	1	待发货	积分支付	2498	2022/09/25 06:26:42	牧野	17304...	四川省成都市双流区...	京东快递	JDVF30...	
0810642279145...	欧莱雅 保温杯 黑 恒温系列 0.5L	1	待发货	积分支付	82	2022/09/25 07:39:07	隗嚣	13897...	四川省成都市成华区...	京东快递	JDVF31...	
0810642286972...	飞利浦 电动牙刷 HX6730 蓝色	1	待发货	积分支付	125	2022/09/25 08:51:33	山河	15916...	四川省成都市锦江区...	京东快递	JDVF32...	
0810642263708...	博世 无线吸尘器 S025	1	待发货	积分支付	82	2022/09/25 10:03:58	谷雨	13941...	四川省成都市武侯区...	京东快递	JDVF33...	
0810642290534...	美的 电饭煲 4L 智能预约 MB-FB40	1	待发货	积分支付	125	2022/09/25 11:16:24	车胤	17359...	四川省成都市龙泉驿区...	京东快递	JDVF34...	
0810642277360...	膳魔师 保温杯 黑 恒温系列 350ml	1	待发货	积分支付	82	2022/09/25 12:28:49	侯宝	15872...	四川省成都市郫都区...	京东快递	JDVF35...	
0810642284197...	华为手表电脑 Watch GT3 46mm 黑	1	待发货	积分支付	125	2022/09/25 13:41:15	宓妃	13908...	四川省成都市高新区...	京东快递	JDVF36...	
0810642261923...	德国双立人刀具套装 5件套	1	待发货	积分支付	2498	2022/09/25 14:53:40	蓬莱	15939...	四川省成都市金牛区...	京东快递	JDVF37...	
0810642298759...	欧莱雅 保温杯 黑 恒温系列 0.5L	1	待发货	积分支付	82	2022/09/25 16:06:06	全真	17381...	四川省成都市温江区...	京东快递	JDVF38...	
0810642275586...	飞利浦 电动牙刷 HX6730 蓝色	1	待发货	积分支付	125	2022/09/25 17:18:31	班超	13867...	四川省成都市新都区...	京东快递	JDVF39...	
0810642282312...	博世 无线吸尘器 S025	1	待发货	积分支付	82	2022/09/25 18:30:57	仰光	15948...	四川省成都市青羊区...	京东快递	JDVF40...	
0810642269148...	美的 电饭煲 4L 智能预约 MB-FB40	1	待发货	积分支付	125	2022/09/25 19:43:22	秋瑾	13923...	四川省成都市双流区...	京东快递	JDVF41...	
0810642296975...	膳魔师 保温杯 黑 恒温系列 350ml	1	待发货	积分支付	82	2022/09/25 20:55:48	仲夏	17336...	四川省成都市成华区...	京东快递	JDVF42...	
0810642273701...	华为手表电脑 Watch GT3 46mm 黑	1	待发货	积分支付	125	2022/09/25 22:08:13	伊人	15887...	四川省成都市锦江区...	京东快递	JDVF43...	
0810642280537...	德国双立人刀具套装 5件套	1	待发货	积分支付	2498	2022/09/25 23:20:39	宫商	13952...	四川省成都市武侯区...	京东快递	JDVF44...	
0810642267363...	欧莱雅 保温杯 黑 恒温系列 0.5L	1	待发货	积分支付	82	2022/09/26 00:33:04	宁静	15904...	四川省成都市龙泉驿区...	京东快递	JDVF45...	
0810642294190...	飞利浦 电动牙刷 HX6730 蓝色	1	待发货	积分支付	125	2022/09/26 01:45:30	仇英	17373...	四川省成都市郫都区...	京东快递	JDVF46...	
0810642271926...	博世 无线吸尘器 S025	1	待发货	积分支付	82	2022/09/26 02:57:55	栾川	13881...	四川省成都市高新区...	京东快递	JDVF47...	
0810642288752...	美的 电饭煲 4L 智能预约 MB-FB40	1	待发货	积分支付	125	2022/09/26 04:10:21	暴雨	15935...	四川省成都市金牛区...	京东快递	JDVF48...	
0810642265589...	膳魔师 保温杯 黑 恒温系列 350ml	1	待发货	积分支付	82	2022/09/26 05:22:46	甘宁	13914...	四川省成都市温江区...	京东快递	JDVF49...	
0810642292315...	华为手表电脑 Watch GT3 46mm 黑	1	待发货	积分支付	125	2022/09/26 06:35:12	钭律	17328...	四川省成都市新都区...	京东快递	JDVF50...	
0810642279141...	德国双立人刀具套装 5件套	1	待发货	积分支付	2498	2022/09/26 07:47:37	厉害	15861...	四川省成都市青羊区...	京东快递	JDVF51...	
0810642286978...	欧莱雅 保温杯 黑 恒温系列 0.5L	1	待发货	积分支付	82	2022/09/26 09:00:03	戎装	13957...	四川省成都市双流区...	京东快递	JDVF52...	
0810642263704...	飞利浦 电动牙刷 HX6730 蓝色	1	待发货	积分支付	125	2022/09/26 10:12:28	祖冲	15919...	四川省成都市成华区...	京东快递	JDVF53...	
0810642290530...	博世 无线吸尘器 S025	1	待发货	积分支付	82	2022/09/26 11:24:54	武松	17347...	四川省成都市锦江区...	京东快递	JDVF54...	
0810642277366...	美的 电饭煲 4L 智能预约 MB-FB40	1	待发货	积分支付	125	2022/09/26 12:37:19	符离	13876...	四川省成都市武侯区...	京东快递	JDVF55...	
